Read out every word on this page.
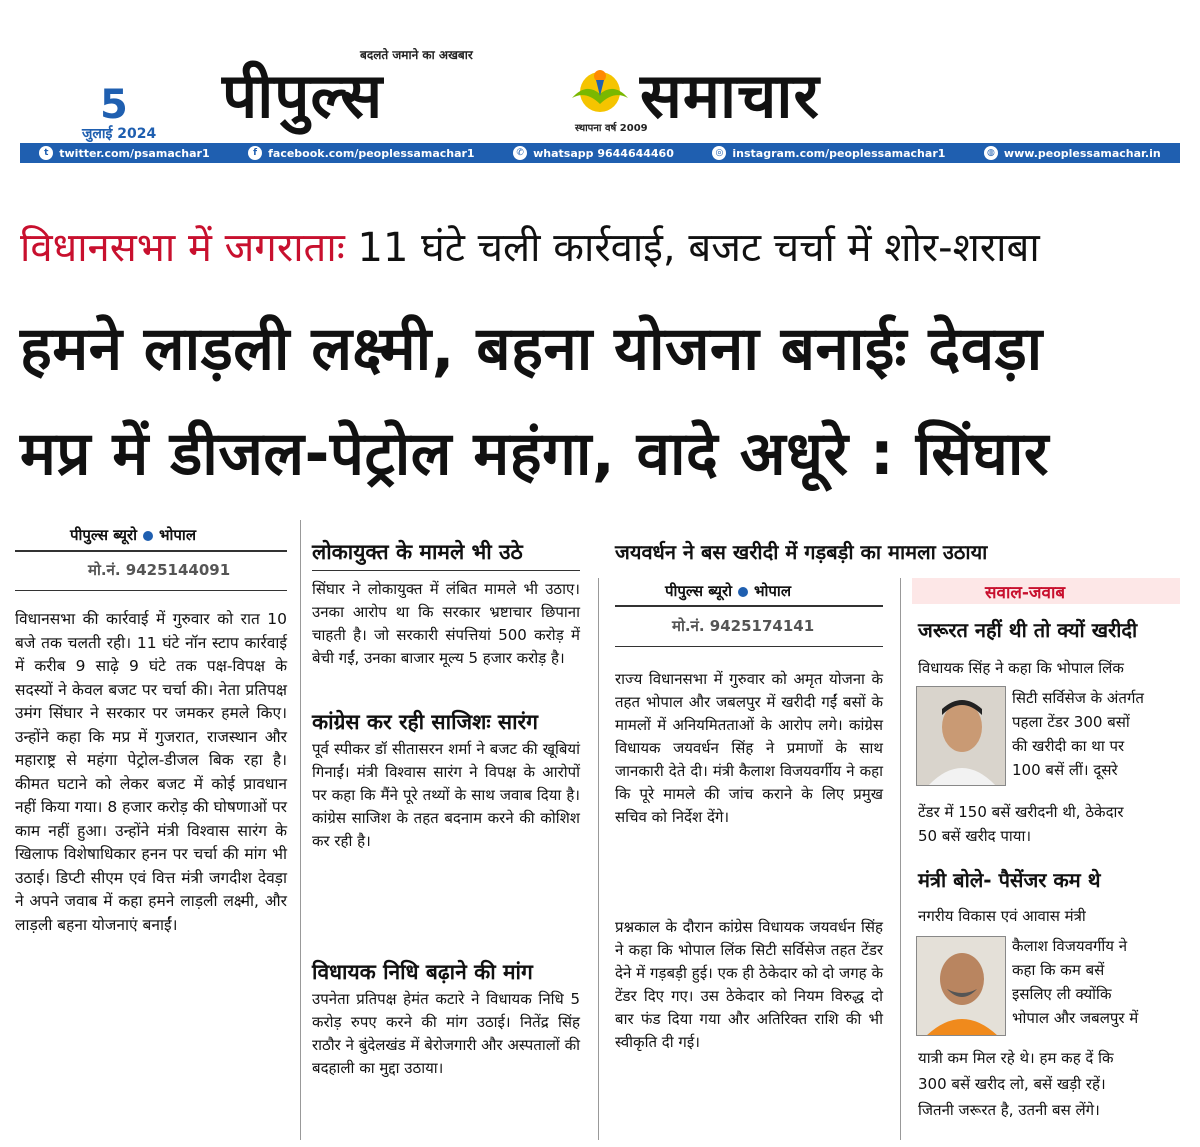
5
जुलाई 2024
बदलते जमाने का अखबार
पीपुल्स	समाचार
स्थापना वर्ष 2009
t twitter.com/psamachar1	f	facebook.com/peoplessamachar1	✆ whatsapp 9644644460	◎ instagram.com/peoplessamachar1	◍ www.peoplessamachar.in
विधानसभा में जगराताः 11 घंटे चली कार्रवाई, बजट चर्चा में शोर-शराबा
हमने लाड़ली लक्ष्मी, बहना योजना बनाईः देवड़ा
मप्र में डीजल-पेट्रोल महंगा, वादे अधूरे : सिंघार
पीपुल्स ब्यूरो भोपाल
मो.नं. 9425144091
विधानसभा की कार्रवाई में गुरुवार को रात 10 बजे तक चलती रही। 11 घंटे नॉन स्टाप कार्रवाई में करीब 9 साढ़े 9 घंटे तक पक्ष-विपक्ष के सदस्यों ने केवल बजट पर चर्चा की। नेता प्रतिपक्ष उमंग सिंघार ने सरकार पर जमकर हमले किए। उन्होंने कहा कि मप्र में गुजरात, राजस्थान और महाराष्ट्र से महंगा पेट्रोल-डीजल बिक रहा है। कीमत घटाने को लेकर बजट में कोई प्रावधान नहीं किया गया। 8 हजार करोड़ की घोषणाओं पर काम नहीं हुआ। उन्होंने मंत्री विश्वास सारंग के खिलाफ विशेषाधिकार हनन पर चर्चा की मांग भी उठाई। डिप्टी सीएम एवं वित्त मंत्री जगदीश देवड़ा ने अपने जवाब में कहा हमने लाड़ली लक्ष्मी, और लाड़ली बहना योजनाएं बनाईं।
लोकायुक्त के मामले भी उठे
सिंघार ने लोकायुक्त में लंबित मामले भी उठाए। उनका आरोप था कि सरकार भ्रष्टाचार छिपाना चाहती है। जो सरकारी संपत्तियां 500 करोड़ में बेची गईं, उनका बाजार मूल्य 5 हजार करोड़ है।
कांग्रेस कर रही साजिशः सारंग
पूर्व स्पीकर डॉ सीतासरन शर्मा ने बजट की खूबियां गिनाईं। मंत्री विश्वास सारंग ने विपक्ष के आरोपों पर कहा कि मैंने पूरे तथ्यों के साथ जवाब दिया है। कांग्रेस साजिश के तहत बदनाम करने की कोशिश कर रही है।
विधायक निधि बढ़ाने की मांग
उपनेता प्रतिपक्ष हेमंत कटारे ने विधायक निधि 5 करोड़ रुपए करने की मांग उठाई। नितेंद्र सिंह राठौर ने बुंदेलखंड में बेरोजगारी और अस्पतालों की बदहाली का मुद्दा उठाया।
जयवर्धन ने बस खरीदी में गड़बड़ी का मामला उठाया
पीपुल्स ब्यूरो भोपाल
मो.नं. 9425174141
राज्य विधानसभा में गुरुवार को अमृत योजना के तहत भोपाल और जबलपुर में खरीदी गईं बसों के मामलों में अनियमितताओं के आरोप लगे। कांग्रेस विधायक जयवर्धन सिंह ने प्रमाणों के साथ जानकारी देते दी। मंत्री कैलाश विजयवर्गीय ने कहा कि पूरे मामले की जांच कराने के लिए प्रमुख सचिव को निर्देश देंगे।
प्रश्नकाल के दौरान कांग्रेस विधायक जयवर्धन सिंह ने कहा कि भोपाल लिंक सिटी सर्विसेज तहत टेंडर देने में गड़बड़ी हुई। एक ही ठेकेदार को दो जगह के टेंडर दिए गए। उस ठेकेदार को नियम विरुद्ध दो बार फंड दिया गया और अतिरिक्त राशि की भी स्वीकृति दी गई।
सवाल-जवाब
जरूरत नहीं थी तो क्यों खरीदी
विधायक सिंह ने कहा कि भोपाल लिंक
सिटी सर्विसेज के अंतर्गत
पहला टेंडर 300 बसों
की खरीदी का था पर
100 बसें लीं। दूसरे
टेंडर में 150 बसें खरीदनी थी, ठेकेदार
50 बसें खरीद पाया।
मंत्री बोले- पैसेंजर कम थे
नगरीय विकास एवं आवास मंत्री
कैलाश विजयवर्गीय ने
कहा कि कम बसें
इसलिए ली क्योंकि
भोपाल और जबलपुर में
यात्री कम मिल रहे थे। हम कह दें कि
300 बसें खरीद लो, बसें खड़ी रहें।
जितनी जरूरत है, उतनी बस लेंगे।
